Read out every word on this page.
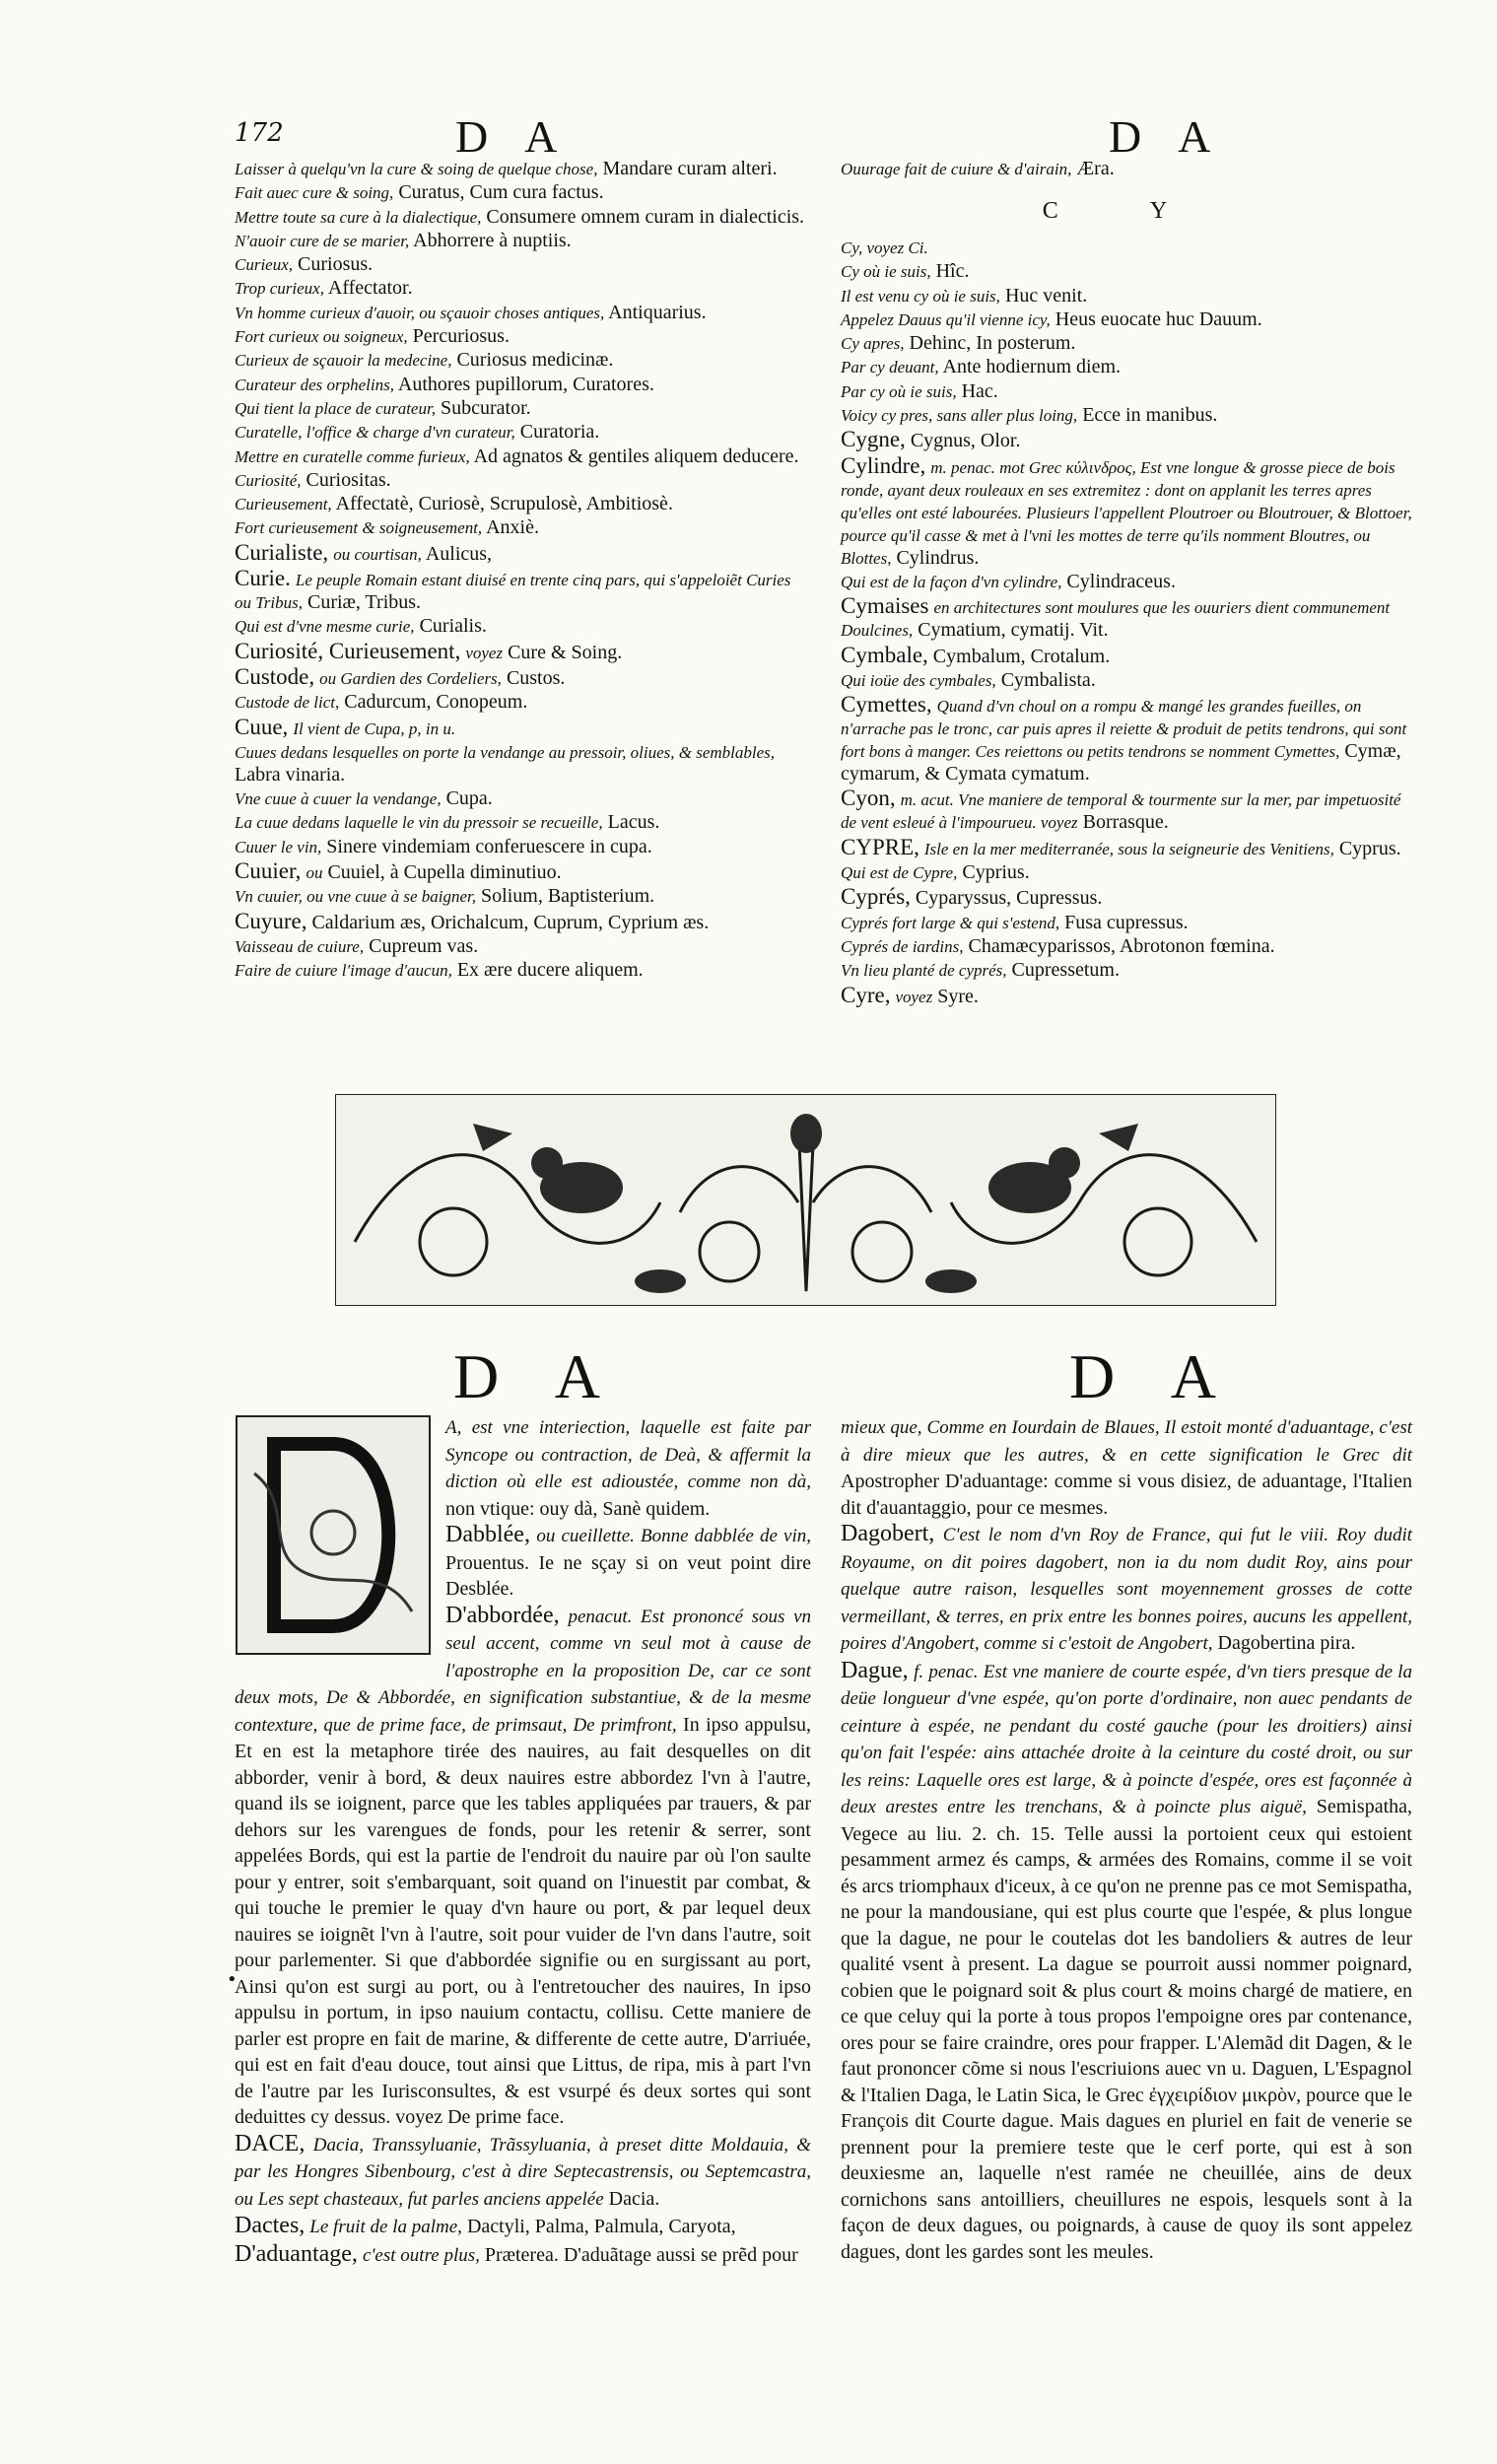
172	D A	D A
Laisser à quelqu'vn la cure & soing de quelque chose, Mandare curam alteri.
Fait auec cure & soing, Curatus, Cum cura factus.
Mettre toute sa cure à la dialectique, Consumere omnem curam in dialecticis.
N'auoir cure de se marier, Abhorrere à nuptiis.
Curieux, Curiosus.
Trop curieux, Affectator.
Vn homme curieux d'auoir, ou sçauoir choses antiques, Antiquarius.
Fort curieux ou soigneux, Percuriosus.
Curieux de sçauoir la medecine, Curiosus medicinæ.
Curateur des orphelins, Authores pupillorum, Curatores.
Qui tient la place de curateur, Subcurator.
Curatelle, l'office & charge d'vn curateur, Curatoria.
Mettre en curatelle comme furieux, Ad agnatos & gentiles aliquem deducere.
Curiosité, Curiositas.
Curieusement, Affectatè, Curiosè, Scrupulosè, Ambitiosè.
Fort curieusement & soigneusement, Anxiè.
Curialiste, ou courtisan, Aulicus,
Curie. Le peuple Romain estant diuisé en trente cinq pars, qui s'appeloiẽt Curies ou Tribus, Curiæ, Tribus.
Qui est d'vne mesme curie, Curialis.
Curiosité, Curieusement, voyez Cure & Soing.
Custode, ou Gardien des Cordeliers, Custos.
Custode de lict, Cadurcum, Conopeum.
Cuue, Il vient de Cupa, p, in u.
Cuues dedans lesquelles on porte la vendange au pressoir, oliues, & semblables, Labra vinaria.
Vne cuue à cuuer la vendange, Cupa.
La cuue dedans laquelle le vin du pressoir se recueille, Lacus.
Cuuer le vin, Sinere vindemiam conferuescere in cupa.
Cuuier, ou Cuuiel, à Cupella diminutiuo.
Vn cuuier, ou vne cuue à se baigner, Solium, Baptisterium.
Cuyure, Caldarium æs, Orichalcum, Cuprum, Cyprium æs.
Vaisseau de cuiure, Cupreum vas.
Faire de cuiure l'image d'aucun, Ex ære ducere aliquem.
Ouurage fait de cuiure & d'airain, Æra.
C Y
Cy, voyez Ci.
Cy où ie suis, Hîc.
Il est venu cy où ie suis, Huc venit.
Appelez Dauus qu'il vienne icy, Heus euocate huc Dauum.
Cy apres, Dehinc, In posterum.
Par cy deuant, Ante hodiernum diem.
Par cy où ie suis, Hac.
Voicy cy pres, sans aller plus loing, Ecce in manibus.
Cygne, Cygnus, Olor.
Cylindre, m. penac. mot Grec κύλινδρος, Est vne longue & grosse piece de bois ronde, ayant deux rouleaux en ses extremitez : dont on applanit les terres apres qu'elles ont esté labourées. Plusieurs l'appellent Ploutroer ou Bloutrouer, & Blottoer, pource qu'il casse & met à l'vni les mottes de terre qu'ils nomment Bloutres, ou Blottes, Cylindrus.
Qui est de la façon d'vn cylindre, Cylindraceus.
Cymaises en architectures sont moulures que les ouuriers dient communement Doulcines, Cymatium, cymatij. Vit.
Cymbale, Cymbalum, Crotalum.
Qui ioüe des cymbales, Cymbalista.
Cymettes, Quand d'vn choul on a rompu & mangé les grandes fueilles, on n'arrache pas le tronc, car puis apres il reiette & produit de petits tendrons, qui sont fort bons à manger. Ces reiettons ou petits tendrons se nomment Cymettes, Cymæ, cymarum, & Cymata cymatum.
Cyon, m. acut. Vne maniere de temporal & tourmente sur la mer, par impetuosité de vent esleué à l'impourueu. voyez Borrasque.
CYPRE, Isle en la mer mediterranée, sous la seigneurie des Venitiens, Cyprus.
Qui est de Cypre, Cyprius.
Cyprés, Cyparyssus, Cupressus.
Cyprés fort large & qui s'estend, Fusa cupressus.
Cyprés de iardins, Chamæcyparissos, Abrotonon fœmina.
Vn lieu planté de cyprés, Cupressetum.
Cyre, voyez Syre.
D A	D A

A, est vne interiection, laquelle est faite par Syncope ou contraction, de Deà, & affermit la diction où elle est adioustée, comme non dà, non vtique: ouy dà, Sanè quidem.

Dabblée, ou cueillette. Bonne dabblée de vin, Prouentus. Ie ne sçay si on veut point dire Desblée.

D'abbordée, penacut. Est prononcé sous vn seul accent, comme vn seul mot à cause de l'apostrophe en la proposition De, car ce sont deux mots, De & Abbordée, en signification substantiue, & de la mesme contexture, que de prime face, de primsaut, De primfront, In ipso appulsu, Et en est la metaphore tirée des nauires, au fait desquelles on dit abborder, venir à bord, & deux nauires estre abbordez l'vn à l'autre, quand ils se ioignent, parce que les tables appliquées par trauers, & par dehors sur les varengues de fonds, pour les retenir & serrer, sont appelées Bords, qui est la partie de l'endroit du nauire par où l'on saulte pour y entrer, soit s'embarquant, soit quand on l'inuestit par combat, & qui touche le premier le quay d'vn haure ou port, & par lequel deux nauires se ioignẽt l'vn à l'autre, soit pour vuider de l'vn dans l'autre, soit pour parlementer. Si que d'abbordée signifie ou en surgissant au port, Ainsi qu'on est surgi au port, ou à l'entretoucher des nauires, In ipso appulsu in portum, in ipso nauium contactu, collisu. Cette maniere de parler est propre en fait de marine, & differente de cette autre, D'arriuée, qui est en fait d'eau douce, tout ainsi que Littus, de ripa, mis à part l'vn de l'autre par les Iurisconsultes, & est vsurpé és deux sortes qui sont deduittes cy dessus. voyez De prime face.

DACE, Dacia, Transsyluanie, Trãssyluania, à preset ditte Moldauia, & par les Hongres Sibenbourg, c'est à dire Septecastrensis, ou Septemcastra, ou Les sept chasteaux, fut parles anciens appelée Dacia.

Dactes, Le fruit de la palme, Dactyli, Palma, Palmula, Caryota,

D'aduantage, c'est outre plus, Præterea. D'aduãtage aussi se prẽd pour

•

mieux que, Comme en Iourdain de Blaues, Il estoit monté d'aduantage, c'est à dire mieux que les autres, & en cette signification le Grec dit Apostropher D'aduantage: comme si vous disiez, de aduantage, l'Italien dit d'auantaggio, pour ce mesmes.

Dagobert, C'est le nom d'vn Roy de France, qui fut le viii. Roy dudit Royaume, on dit poires dagobert, non ia du nom dudit Roy, ains pour quelque autre raison, lesquelles sont moyennement grosses de cotte vermeillant, & terres, en prix entre les bonnes poires, aucuns les appellent, poires d'Angobert, comme si c'estoit de Angobert, Dagobertina pira.

Dague, f. penac. Est vne maniere de courte espée, d'vn tiers presque de la deüe longueur d'vne espée, qu'on porte d'ordinaire, non auec pendants de ceinture à espée, ne pendant du costé gauche (pour les droitiers) ainsi qu'on fait l'espée: ains attachée droite à la ceinture du costé droit, ou sur les reins: Laquelle ores est large, & à poincte d'espée, ores est façonnée à deux arestes entre les trenchans, & à poincte plus aiguë, Semispatha, Vegece au liu. 2. ch. 15. Telle aussi la portoient ceux qui estoient pesamment armez és camps, & armées des Romains, comme il se voit és arcs triomphaux d'iceux, à ce qu'on ne prenne pas ce mot Semispatha, ne pour la mandousiane, qui est plus courte que l'espée, & plus longue que la dague, ne pour le coutelas dot les bandoliers & autres de leur qualité vsent à present. La dague se pourroit aussi nommer poignard, cobien que le poignard soit & plus court & moins chargé de matiere, en ce que celuy qui la porte à tous propos l'empoigne ores par contenance, ores pour se faire craindre, ores pour frapper. L'Alemãd dit Dagen, & le faut prononcer cõme si nous l'escriuions auec vn u. Daguen, L'Espagnol & l'Italien Daga, le Latin Sica, le Grec ἐγχειρίδιον μικρὸν, pource que le François dit Courte dague. Mais dagues en pluriel en fait de venerie se prennent pour la premiere teste que le cerf porte, qui est à son deuxiesme an, laquelle n'est ramée ne cheuillée, ains de deux cornichons sans antoilliers, cheuillures ne espois, lesquels sont à la façon de deux dagues, ou poignards, à cause de quoy ils sont appelez dagues, dont les gardes sont les meules.
